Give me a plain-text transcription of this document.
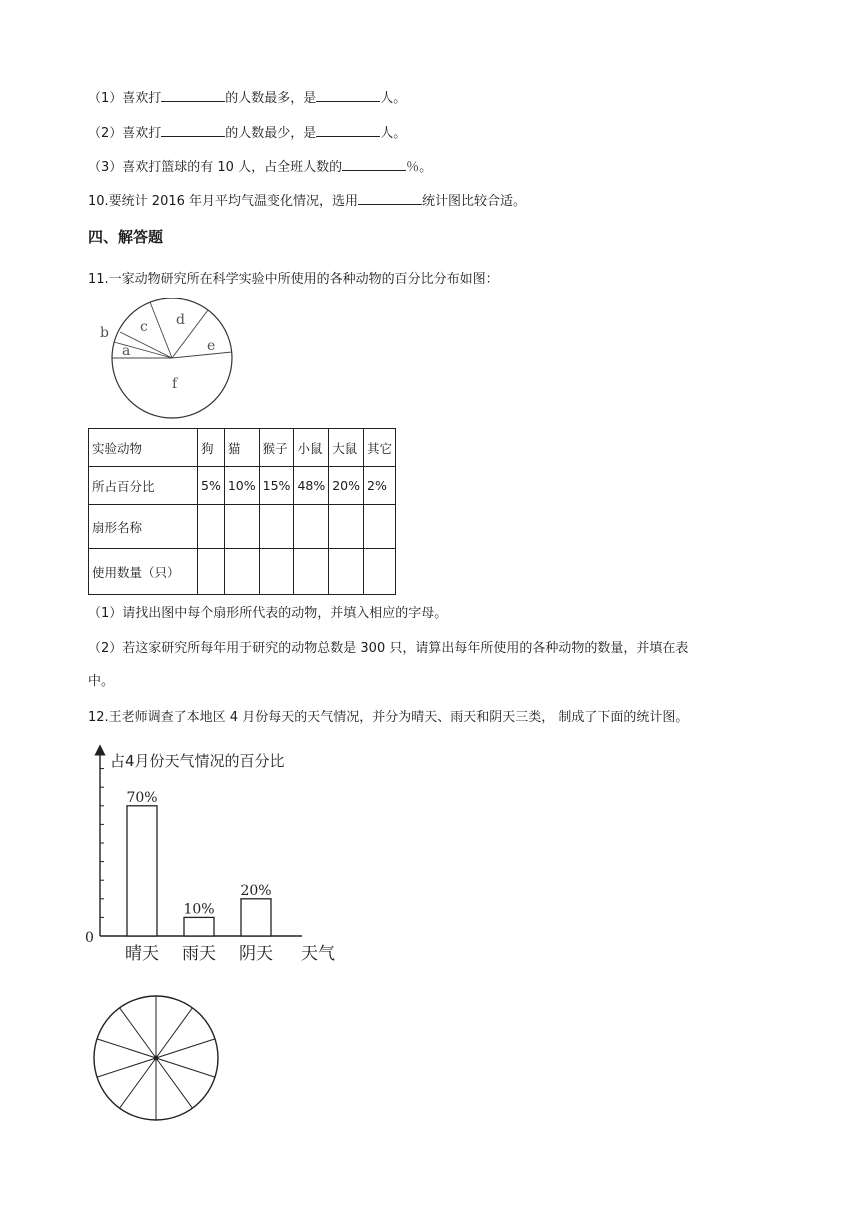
（1）喜欢打	的人数最多，是	人。
（2）喜欢打	的人数最少，是	人。
（3）喜欢打篮球的有 10 人，占全班人数的	％。
10.要统计 2016 年月平均气温变化情况，选用	统计图比较合适。
四、解答题
11.一家动物研究所在科学实验中所使用的各种动物的百分比分布如图：
a
b c d
e
f
实验动物	狗	猫	猴子	小鼠	大鼠	其它
所占百分比	5%	10%	15%	48%	20%	2%
扇形名称						
使用数量（只）						
（1）请找出图中每个扇形所代表的动物，并填入相应的字母。
（2）若这家研究所每年用于研究的动物总数是 300 只，请算出每年所使用的各种动物的数量，并填在表
中。
12.王老师调查了本地区 4 月份每天的天气情况，并分为晴天、雨天和阴天三类， 制成了下面的统计图。
70%
晴天
10%
雨天
20%
阴天
占4月份天气情况的百分比
0
天气
